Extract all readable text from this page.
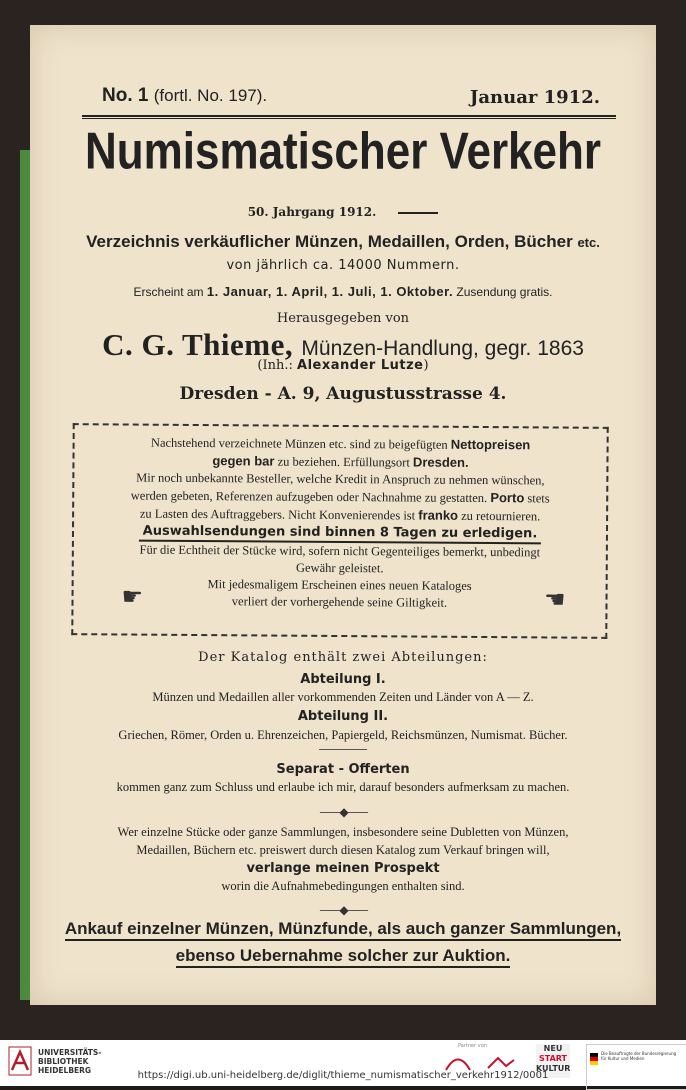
No. 1 (fortl. No. 197).	Januar 1912.
Numismatischer Verkehr
50. Jahrgang 1912.
Verzeichnis verkäuflicher Münzen, Medaillen, Orden, Bücher etc.
von jährlich ca. 14000 Nummern.
Erscheint am 1. Januar, 1. April, 1. Juli, 1. Oktober. Zusendung gratis.
Herausgegeben von
C. G. Thieme, Münzen-Handlung, gegr. 1863
(Inh.: Alexander Lutze)
Dresden - A. 9, Augustusstrasse 4.
Nachstehend verzeichnete Münzen etc. sind zu beigefügten Nettopreisen
gegen bar zu beziehen. Erfüllungsort Dresden.
Mir noch unbekannte Besteller, welche Kredit in Anspruch zu nehmen wünschen,
werden gebeten, Referenzen aufzugeben oder Nachnahme zu gestatten. Porto stets
zu Lasten des Auftraggebers. Nicht Konvenierendes ist franko zu retournieren.
Auswahlsendungen sind binnen 8 Tagen zu erledigen.
Für die Echtheit der Stücke wird, sofern nicht Gegenteiliges bemerkt, unbedingt
Gewähr geleistet.
Mit jedesmaligem Erscheinen eines neuen Kataloges
verliert der vorhergehende seine Giltigkeit.
☛	☚
Der Katalog enthält zwei Abteilungen:
Abteilung I.
Münzen und Medaillen aller vorkommenden Zeiten und Länder von A — Z.
Abteilung II.
Griechen, Römer, Orden u. Ehrenzeichen, Papiergeld, Reichsmünzen, Numismat. Bücher.
Separat - Offerten
kommen ganz zum Schluss und erlaube ich mir, darauf besonders aufmerksam zu machen.
——◆——
Wer einzelne Stücke oder ganze Sammlungen, insbesondere seine Dubletten von Münzen,
Medaillen, Büchern etc. preiswert durch diesen Katalog zum Verkauf bringen will,
verlange meinen Prospekt
worin die Aufnahmebedingungen enthalten sind.
——◆——
Ankauf einzelner Münzen, Münzfunde, als auch ganzer Sammlungen,
ebenso Uebernahme solcher zur Auktion.
UNIVERSITÄTS-
BIBLIOTHEK
HEIDELBERG
Partner von	NEU
START
KULTUR
Die Beauftragte der Bundesregierung
für Kultur und Medien
https://digi.ub.uni-heidelberg.de/diglit/thieme_numismatischer_verkehr1912/0001
